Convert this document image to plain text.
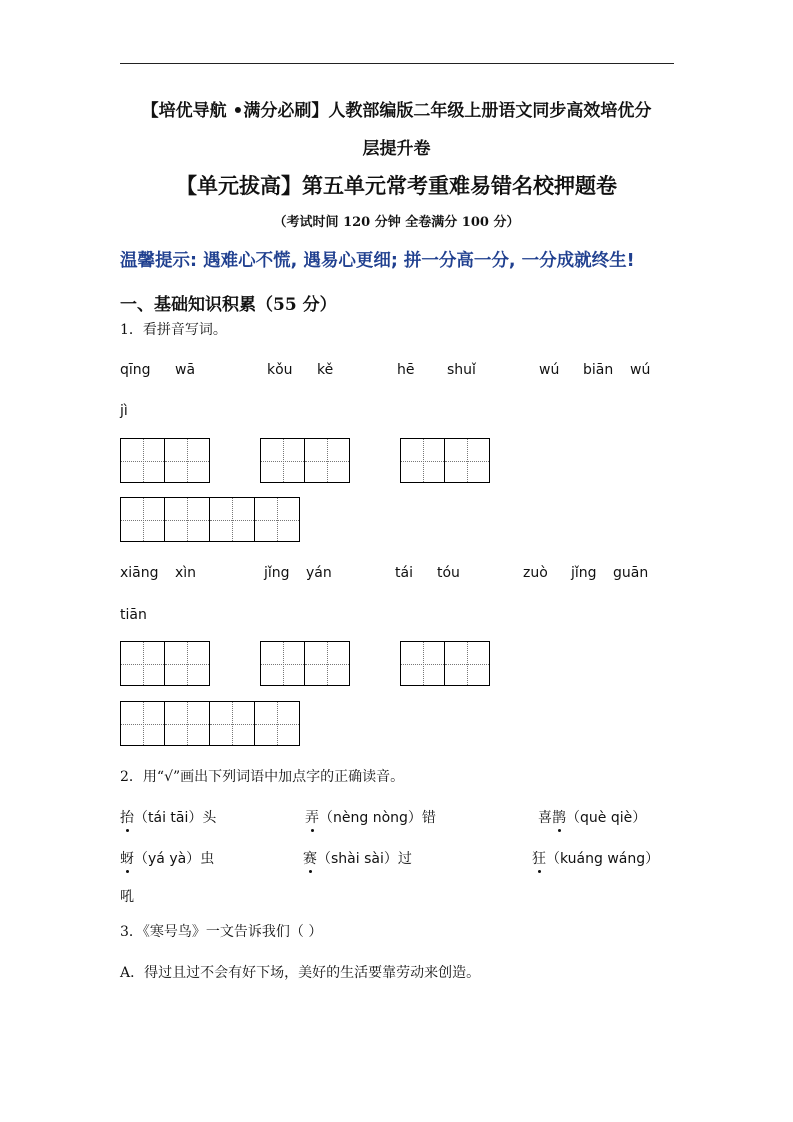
【培优导航 •满分必刷】人教部编版二年级上册语文同步高效培优分
层提升卷
【单元拔高】第五单元常考重难易错名校押题卷
（考试时间 120 分钟 全卷满分 100 分）
温馨提示: 遇难心不慌, 遇易心更细; 拼一分高一分, 一分成就终生!
一、基础知识积累（55 分）
1．看拼音写词。
qīng wā	kǒu kě	hē shuǐ	wú biān wú
jì
xiāng xìn	jǐng yán	tái tóu	zuò jǐng guān
tiān
2．用“√”画出下列词语中加点字的正确读音。
抬（tái tāi）头	弄（nèng nòng）错	喜鹊（què qiè）
蚜（yá yà）虫	赛（shài sài）过	狂（kuáng wáng）
吼
3．《寒号鸟》一文告诉我们（ ）
A．得过且过不会有好下场，美好的生活要靠劳动来创造。
